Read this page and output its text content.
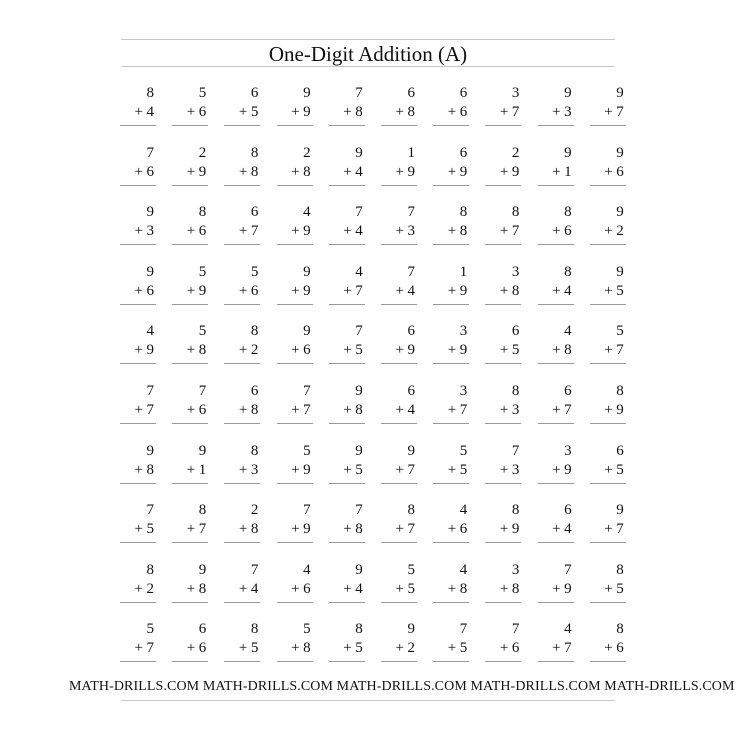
One-Digit Addition (A)
8
+ 4
5
+ 6
6
+ 5
9
+ 9
7
+ 8
6
+ 8
6
+ 6
3
+ 7
9
+ 3
9
+ 7
7
+ 6
2
+ 9
8
+ 8
2
+ 8
9
+ 4
1
+ 9
6
+ 9
2
+ 9
9
+ 1
9
+ 6
9
+ 3
8
+ 6
6
+ 7
4
+ 9
7
+ 4
7
+ 3
8
+ 8
8
+ 7
8
+ 6
9
+ 2
9
+ 6
5
+ 9
5
+ 6
9
+ 9
4
+ 7
7
+ 4
1
+ 9
3
+ 8
8
+ 4
9
+ 5
4
+ 9
5
+ 8
8
+ 2
9
+ 6
7
+ 5
6
+ 9
3
+ 9
6
+ 5
4
+ 8
5
+ 7
7
+ 7
7
+ 6
6
+ 8
7
+ 7
9
+ 8
6
+ 4
3
+ 7
8
+ 3
6
+ 7
8
+ 9
9
+ 8
9
+ 1
8
+ 3
5
+ 9
9
+ 5
9
+ 7
5
+ 5
7
+ 3
3
+ 9
6
+ 5
7
+ 5
8
+ 7
2
+ 8
7
+ 9
7
+ 8
8
+ 7
4
+ 6
8
+ 9
6
+ 4
9
+ 7
8
+ 2
9
+ 8
7
+ 4
4
+ 6
9
+ 4
5
+ 5
4
+ 8
3
+ 8
7
+ 9
8
+ 5
5
+ 7
6
+ 6
8
+ 5
5
+ 8
8
+ 5
9
+ 2
7
+ 5
7
+ 6
4
+ 7
8
+ 6
MATH-DRILLS.COM MATH-DRILLS.COM MATH-DRILLS.COM MATH-DRILLS.COM MATH-DRILLS.COM
